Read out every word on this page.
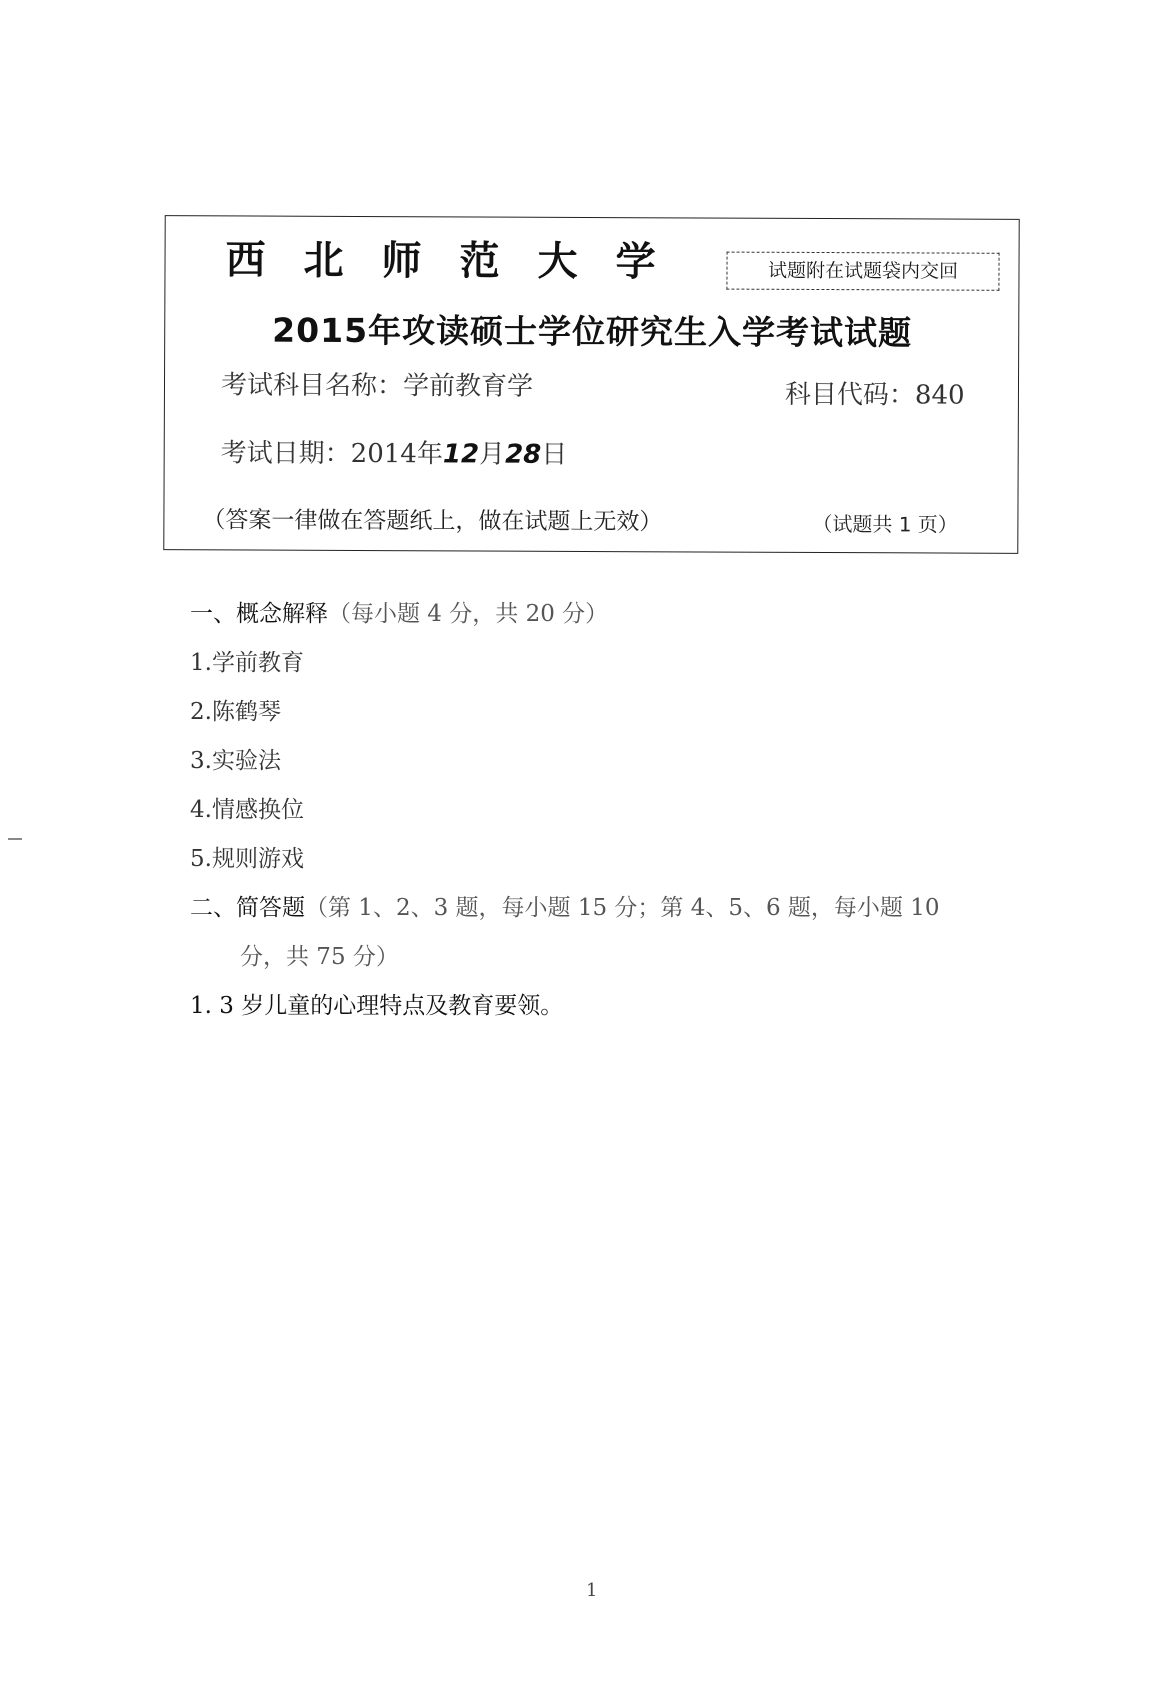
西北师范大学	试题附在试题袋内交回
2015年攻读硕士学位研究生入学考试试题
考试科目名称：学前教育学	科目代码：840
考试日期：2014年12月28日
（答案一律做在答题纸上，做在试题上无效）	（试题共 1 页）
一、概念解释（每小题 4 分，共 20 分）
1.学前教育
2.陈鹤琴
3.实验法
4.情感换位
5.规则游戏
二、简答题（第 1、2、3 题，每小题 15 分；第 4、5、6 题，每小题 10
分，共 75 分）
1. 3 岁儿童的心理特点及教育要领。
1
